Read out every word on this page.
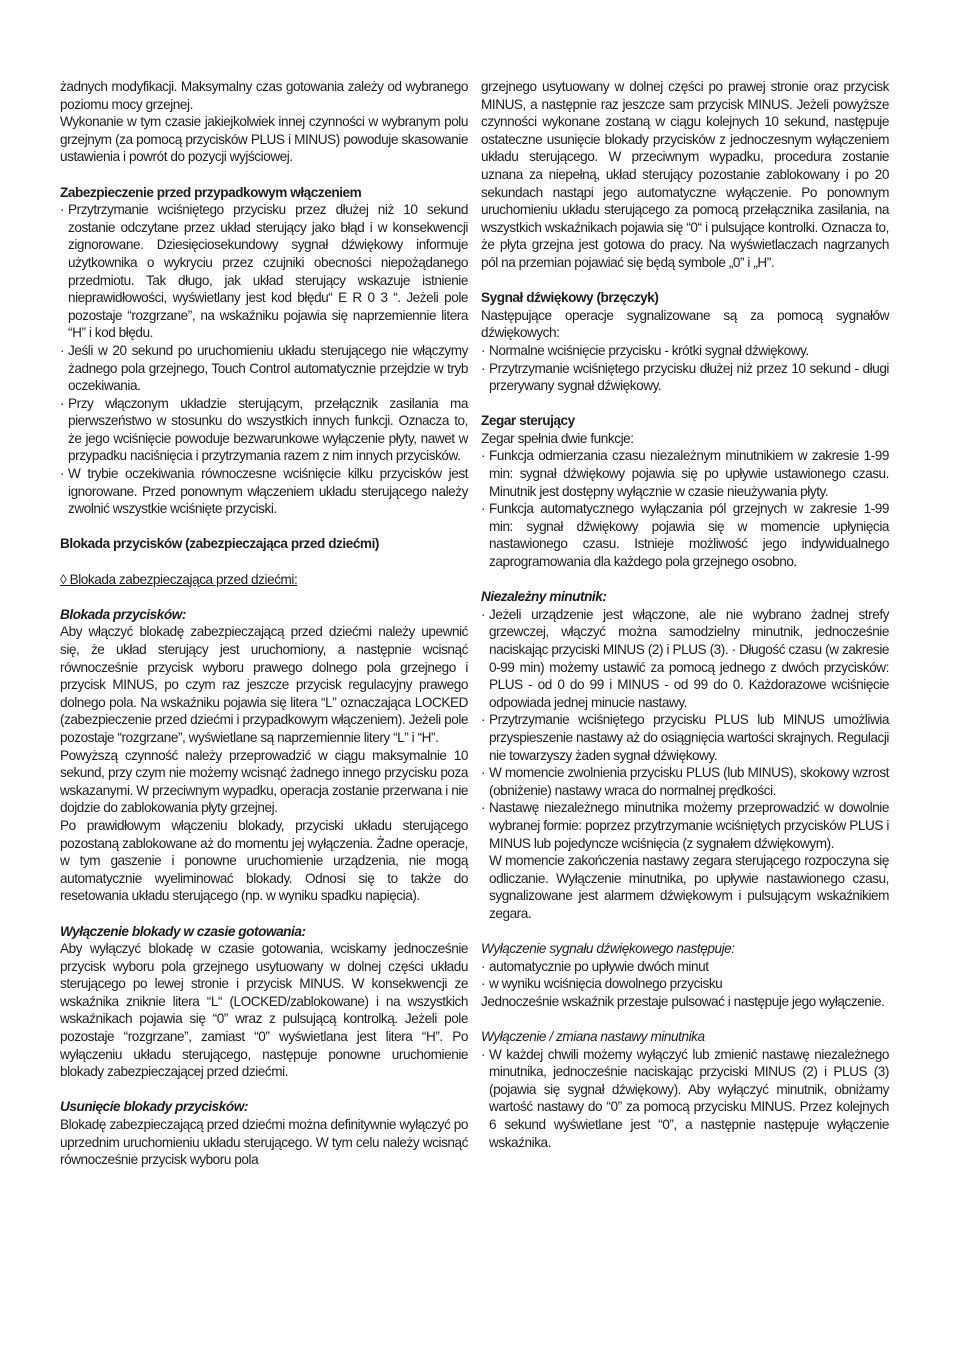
żadnych modyfikacji. Maksymalny czas gotowania zależy od wybranego poziomu mocy grzejnej.

Wykonanie w tym czasie jakiejkolwiek innej czynności w wybranym polu grzejnym (za pomocą przycisków PLUS i MINUS) powoduje skasowanie ustawienia i powrót do pozycji wyjściowej.

Zabezpieczenie przed przypadkowym włączeniem

· Przytrzymanie wciśniętego przycisku przez dłużej niż 10 sekund zostanie odczytane przez układ sterujący jako błąd i w konsekwencji zignorowane. Dziesięciosekundowy sygnał dźwiękowy informuje użytkownika o wykryciu przez czujniki obecności niepożądanego przedmiotu. Tak długo, jak układ sterujący wskazuje istnienie nieprawidłowości, wyświetlany jest kod błędu“ E R 0 3 “. Jeżeli pole pozostaje “rozgrzane”, na wskaźniku pojawia się naprzemiennie litera “H” i kod błędu.
· Jeśli w 20 sekund po uruchomieniu układu sterującego nie włączymy żadnego pola grzejnego, Touch Control automatycznie przejdzie w tryb oczekiwania.
· Przy włączonym układzie sterującym, przełącznik zasilania ma pierwszeństwo w stosunku do wszystkich innych funkcji. Oznacza to, że jego wciśnięcie powoduje bezwarunkowe wyłączenie płyty, nawet w przypadku naciśnięcia i przytrzymania razem z nim innych przycisków.
· W trybie oczekiwania równoczesne wciśnięcie kilku przycisków jest ignorowane. Przed ponownym włączeniem układu sterującego należy zwolnić wszystkie wciśnięte przyciski.

Blokada przycisków (zabezpieczająca przed dziećmi)

◊ Blokada zabezpieczająca przed dziećmi:

Blokada przycisków:

Aby włączyć blokadę zabezpieczającą przed dziećmi należy upewnić się, że układ sterujący jest uruchomiony, a następnie wcisnąć równocześnie przycisk wyboru prawego dolnego pola grzejnego i przycisk MINUS, po czym raz jeszcze przycisk regulacyjny prawego dolnego pola. Na wskaźniku pojawia się litera “L” oznaczająca LOCKED (zabezpieczenie przed dziećmi i przypadkowym włączeniem). Jeżeli pole pozostaje “rozgrzane”, wyświetlane są naprzemiennie litery “L” i “H”.

Powyższą czynność należy przeprowadzić w ciągu maksymalnie 10 sekund, przy czym nie możemy wcisnąć żadnego innego przycisku poza wskazanymi. W przeciwnym wypadku, operacja zostanie przerwana i nie dojdzie do zablokowania płyty grzejnej.

Po prawidłowym włączeniu blokady, przyciski układu sterującego pozostaną zablokowane aż do momentu jej wyłączenia. Żadne operacje, w tym gaszenie i ponowne uruchomienie urządzenia, nie mogą automatycznie wyeliminować blokady. Odnosi się to także do resetowania układu sterującego (np. w wyniku spadku napięcia).

Wyłączenie blokady w czasie gotowania:

Aby wyłączyć blokadę w czasie gotowania, wciskamy jednocześnie przycisk wyboru pola grzejnego usytuowany w dolnej części układu sterującego po lewej stronie i przycisk MINUS. W konsekwencji ze wskaźnika zniknie litera “L“ (LOCKED/zablokowane) i na wszystkich wskaźnikach pojawia się “0” wraz z pulsującą kontrolką. Jeżeli pole pozostaje “rozgrzane”, zamiast “0” wyświetlana jest litera “H”. Po wyłączeniu układu sterującego, następuje ponowne uruchomienie blokady zabezpieczającej przed dziećmi.

Usunięcie blokady przycisków:

Blokadę zabezpieczającą przed dziećmi można definitywnie wyłączyć po uprzednim uruchomieniu układu sterującego. W tym celu należy wcisnąć równocześnie przycisk wyboru pola

grzejnego usytuowany w dolnej części po prawej stronie oraz przycisk MINUS, a następnie raz jeszcze sam przycisk MINUS. Jeżeli powyższe czynności wykonane zostaną w ciągu kolejnych 10 sekund, następuje ostateczne usunięcie blokady przycisków z jednoczesnym wyłączeniem układu sterującego. W przeciwnym wypadku, procedura zostanie uznana za niepełną, układ sterujący pozostanie zablokowany i po 20 sekundach nastąpi jego automatyczne wyłączenie. Po ponownym uruchomieniu układu sterującego za pomocą przełącznika zasilania, na wszystkich wskaźnikach pojawia się “0“ i pulsujące kontrolki. Oznacza to, że płyta grzejna jest gotowa do pracy. Na wyświetlaczach nagrzanych pól na przemian pojawiać się będą symbole „0” i „H”.

Sygnał dźwiękowy (brzęczyk)

Następujące operacje sygnalizowane są za pomocą sygnałów dźwiękowych:

· Normalne wciśnięcie przycisku - krótki sygnał dźwiękowy.
· Przytrzymanie wciśniętego przycisku dłużej niż przez 10 sekund - długi przerywany sygnał dźwiękowy.

Zegar sterujący

Zegar spełnia dwie funkcje:

· Funkcja odmierzania czasu niezależnym minutnikiem w zakresie 1-99 min: sygnał dźwiękowy pojawia się po upływie ustawionego czasu. Minutnik jest dostępny wyłącznie w czasie nieużywania płyty.
· Funkcja automatycznego wyłączania pól grzejnych w zakresie 1-99 min: sygnał dźwiękowy pojawia się w momencie upłynięcia nastawionego czasu. Istnieje możliwość jego indywidualnego zaprogramowania dla każdego pola grzejnego osobno.

Niezależny minutnik:

· Jeżeli urządzenie jest włączone, ale nie wybrano żadnej strefy grzewczej, włączyć można samodzielny minutnik, jednocześnie naciskając przyciski MINUS (2) i PLUS (3). · Długość czasu (w zakresie 0-99 min) możemy ustawić za pomocą jednego z dwóch przycisków: PLUS - od 0 do 99 i MINUS - od 99 do 0. Każdorazowe wciśnięcie odpowiada jednej minucie nastawy.
· Przytrzymanie wciśniętego przycisku PLUS lub MINUS umożliwia przyspieszenie nastawy aż do osiągnięcia wartości skrajnych. Regulacji nie towarzyszy żaden sygnał dźwiękowy.
· W momencie zwolnienia przycisku PLUS (lub MINUS), skokowy wzrost (obniżenie) nastawy wraca do normalnej prędkości.
· Nastawę niezależnego minutnika możemy przeprowadzić w dowolnie wybranej formie: poprzez przytrzymanie wciśniętych przycisków PLUS i MINUS lub pojedyncze wciśnięcia (z sygnałem dźwiękowym).

W momencie zakończenia nastawy zegara sterującego rozpoczyna się odliczanie. Wyłączenie minutnika, po upływie nastawionego czasu, sygnalizowane jest alarmem dźwiękowym i pulsującym wskaźnikiem zegara.

Wyłączenie sygnału dźwiękowego następuje:

· automatycznie po upływie dwóch minut
· w wyniku wciśnięcia dowolnego przycisku

Jednocześnie wskaźnik przestaje pulsować i następuje jego wyłączenie.

Wyłączenie / zmiana nastawy minutnika

· W każdej chwili możemy wyłączyć lub zmienić nastawę niezależnego minutnika, jednocześnie naciskając przyciski MINUS (2) i PLUS (3) (pojawia się sygnał dźwiękowy). Aby wyłączyć minutnik, obniżamy wartość nastawy do “0” za pomocą przycisku MINUS. Przez kolejnych 6 sekund wyświetlane jest “0”, a następnie następuje wyłączenie wskaźnika.
